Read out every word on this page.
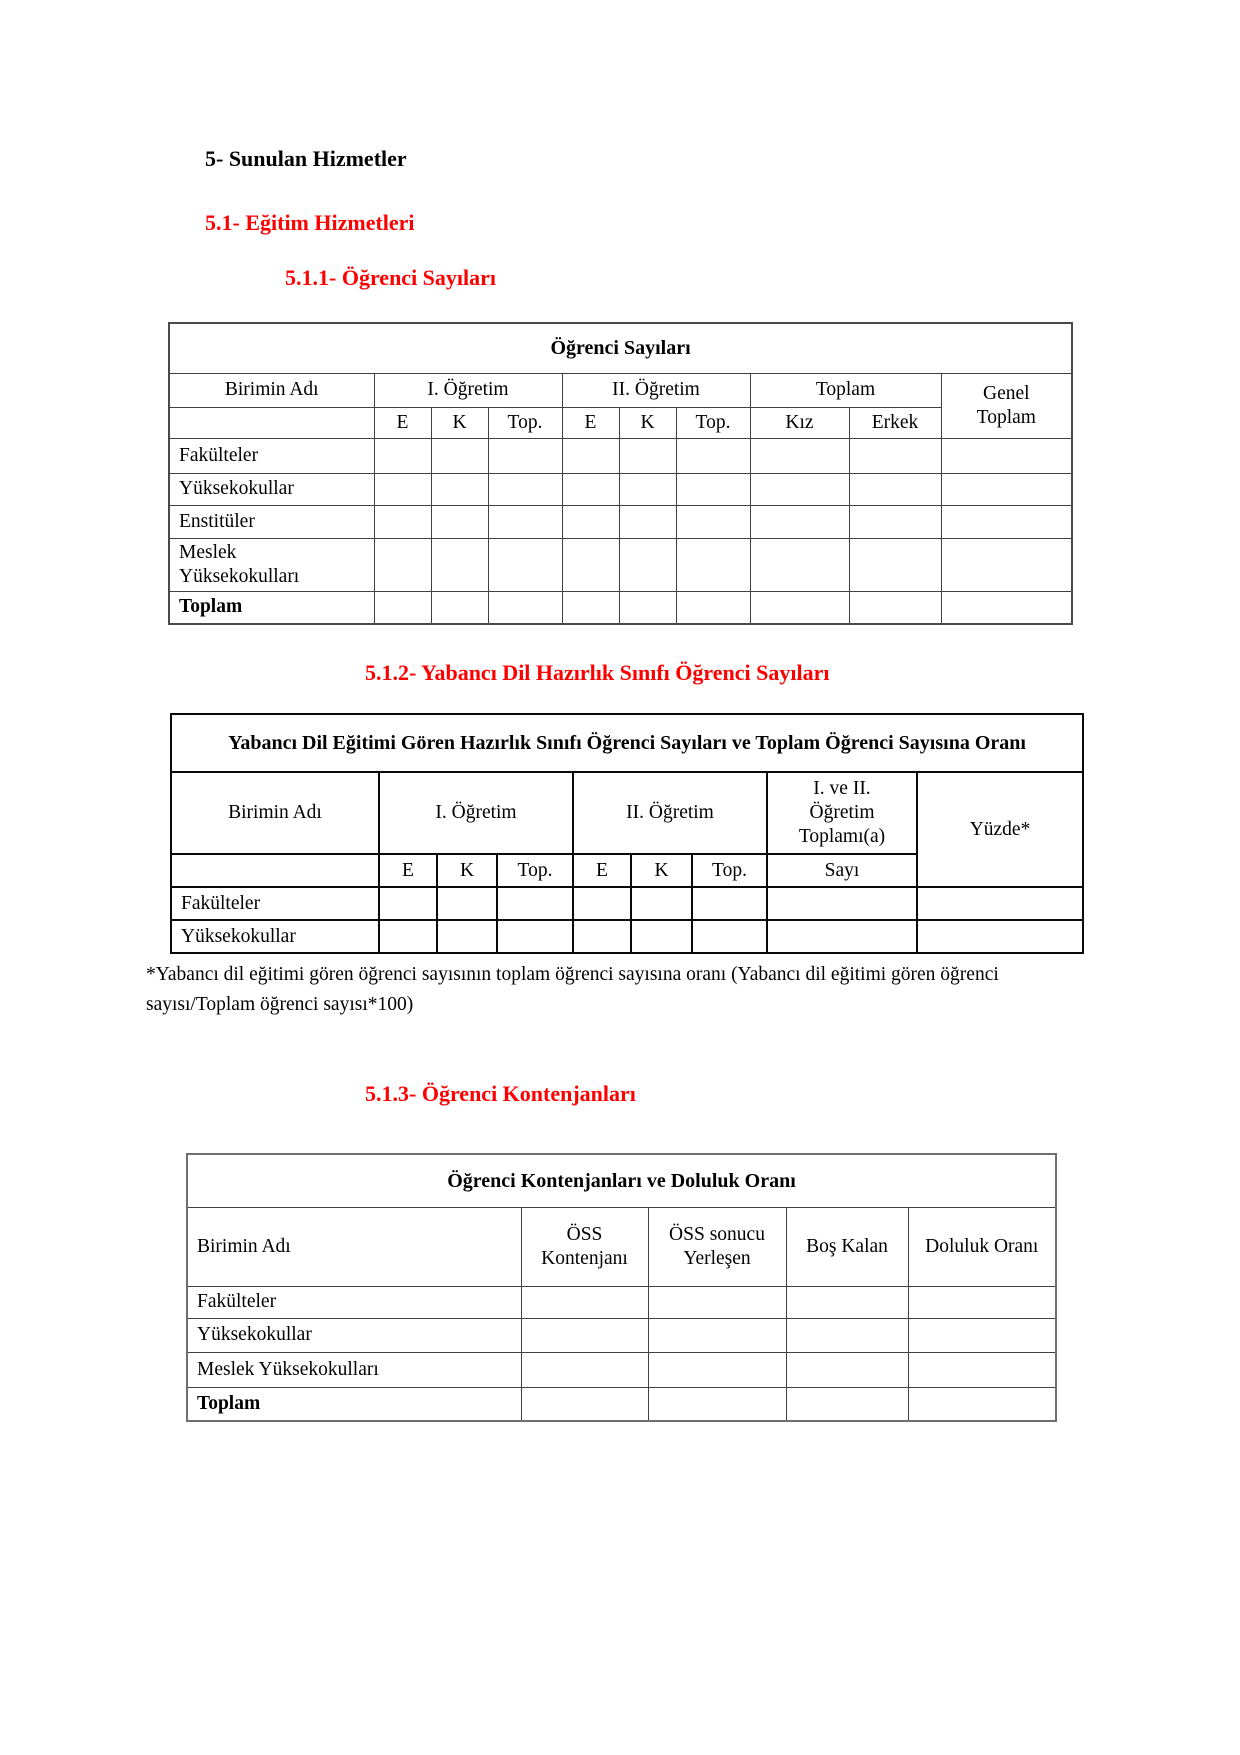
5- Sunulan Hizmetler
5.1- Eğitim Hizmetleri
5.1.1- Öğrenci Sayıları
Öğrenci Sayıları									
Birimin Adı	I. Öğretim			II. Öğretim			Toplam		Genel Toplam

	E	K	Top.	E	K	Top.	Kız	Erkek	
Fakülteler									
Yüksekokullar									
Enstitüler									
Meslek Yüksekokulları									
Toplam									
5.1.2- Yabancı Dil Hazırlık Sınıfı Öğrenci Sayıları
Yabancı Dil Eğitimi Gören Hazırlık Sınıfı Öğrenci Sayıları ve Toplam Öğrenci Sayısına Oranı								

Birimin Adı	I. Öğretim			II. Öğretim			I. ve II. Öğretim Toplamı(a)	Yüzde*
	E	K	Top.	E	K	Top.	Sayı	
Fakülteler								
Yüksekokullar								
*Yabancı dil eğitimi gören öğrenci sayısının toplam öğrenci sayısına oranı (Yabancı dil eğitimi gören öğrenci sayısı/Toplam öğrenci sayısı*100)
5.1.3- Öğrenci Kontenjanları
Öğrenci Kontenjanları ve Doluluk Oranı				
Birimin Adı	ÖSS Kontenjanı	ÖSS sonucu Yerleşen	Boş Kalan	Doluluk Oranı
Fakülteler				
Yüksekokullar				
Meslek Yüksekokulları				
Toplam				
